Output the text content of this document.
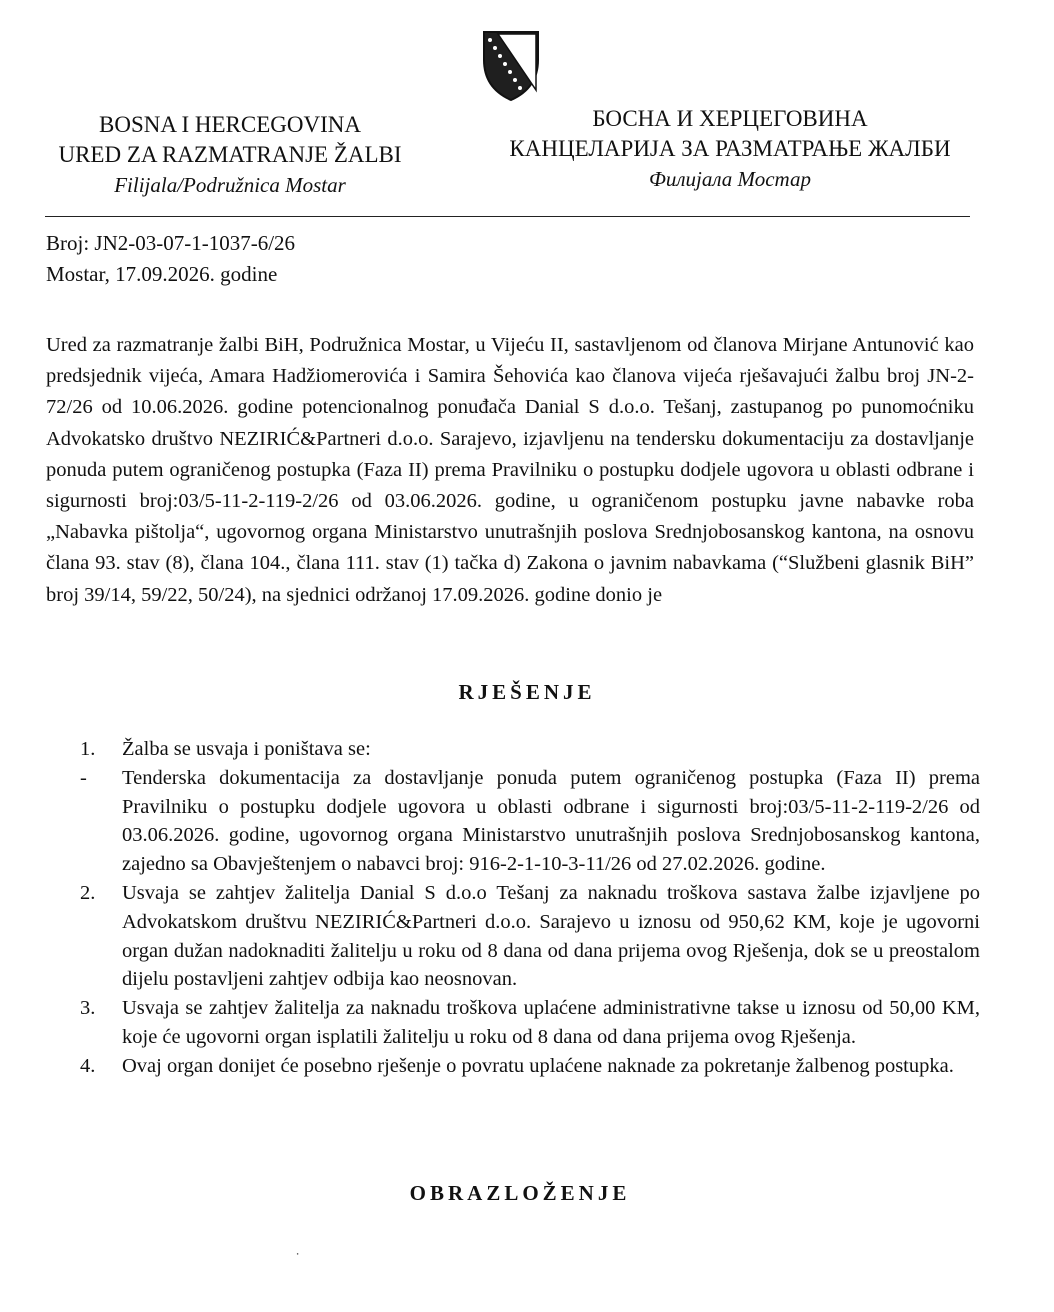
BOSNA I HERCEGOVINA
URED ZA RAZMATRANJE ŽALBI
Filijala/Podružnica Mostar
БОСНА И ХЕРЦЕГОВИНА
КАНЦЕЛАРИЈА ЗА РАЗМАТРАЊЕ ЖАЛБИ
Филијала Мостар
Broj: JN2-03-07-1-1037-6/26
Mostar, 17.09.2026. godine
Ured za razmatranje žalbi BiH, Podružnica Mostar, u Vijeću II, sastavljenom od članova Mirjane Antunović kao predsjednik vijeća, Amara Hadžiomerovića i Samira Šehovića kao članova vijeća rješavajući žalbu broj JN-2-72/26 od 10.06.2026. godine potencionalnog ponuđača Danial S d.o.o. Tešanj, zastupanog po punomoćniku Advokatsko društvo NEZIRIĆ&Partneri d.o.o. Sarajevo, izjavljenu na tendersku dokumentaciju za dostavljanje ponuda putem ograničenog postupka (Faza II) prema Pravilniku o postupku dodjele ugovora u oblasti odbrane i sigurnosti broj:03/5-11-2-119-2/26 od 03.06.2026. godine, u ograničenom postupku javne nabavke roba „Nabavka pištolja“, ugovornog organa Ministarstvo unutrašnjih poslova Srednjobosanskog kantona, na osnovu člana 93. stav (8), člana 104., člana 111. stav (1) tačka d) Zakona o javnim nabavkama (“Službeni glasnik BiH” broj 39/14, 59/22, 50/24), na sjednici održanoj 17.09.2026. godine donio je
RJEŠENJE
1.	Žalba se usvaja i poništava se:
-	Tenderska dokumentacija za dostavljanje ponuda putem ograničenog postupka (Faza II) prema Pravilniku o postupku dodjele ugovora u oblasti odbrane i sigurnosti broj:03/5-11-2-119-2/26 od 03.06.2026. godine, ugovornog organa Ministarstvo unutrašnjih poslova Srednjobosanskog kantona, zajedno sa Obavještenjem o nabavci broj: 916-2-1-10-3-11/26 od 27.02.2026. godine.
2.	Usvaja se zahtjev žalitelja Danial S d.o.o Tešanj za naknadu troškova sastava žalbe izjavljene po Advokatskom društvu NEZIRIĆ&Partneri d.o.o. Sarajevo u iznosu od 950,62 KM, koje je ugovorni organ dužan nadoknaditi žalitelju u roku od 8 dana od dana prijema ovog Rješenja, dok se u preostalom dijelu postavljeni zahtjev odbija kao neosnovan.
3.	Usvaja se zahtjev žalitelja za naknadu troškova uplaćene administrativne takse u iznosu od 50,00 KM, koje će ugovorni organ isplatili žalitelju u roku od 8 dana od dana prijema ovog Rješenja.
4.	Ovaj organ donijet će posebno rješenje o povratu uplaćene naknade za pokretanje žalbenog postupka.
OBRAZLOŽENJE
⸱
